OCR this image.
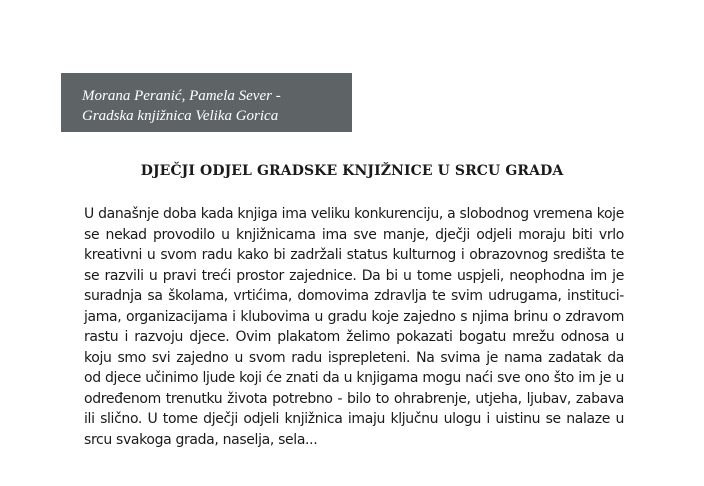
Morana Peranić, Pamela Sever -
Gradska knjižnica Velika Gorica
DJEČJI ODJEL GRADSKE KNJIŽNICE U SRCU GRADA
U današnje doba kada knjiga ima veliku konkurenciju, a slobodnog vremena koje
se nekad provodilo u knjižnicama ima sve manje, dječji odjeli moraju biti vrlo
kreativni u svom radu kako bi zadržali status kulturnog i obrazovnog središta te
se razvili u pravi treći prostor zajednice. Da bi u tome uspjeli, neophodna im je
suradnja sa školama, vrtićima, domovima zdravlja te svim udrugama, instituci-
jama, organizacijama i klubovima u gradu koje zajedno s njima brinu o zdravom
rastu i razvoju djece. Ovim plakatom želimo pokazati bogatu mrežu odnosa u
koju smo svi zajedno u svom radu isprepleteni. Na svima je nama zadatak da
od djece učinimo ljude koji će znati da u knjigama mogu naći sve ono što im je u
određenom trenutku života potrebno - bilo to ohrabrenje, utjeha, ljubav, zabava
ili slično. U tome dječji odjeli knjižnica imaju ključnu ulogu i uistinu se nalaze u
srcu svakoga grada, naselja, sela...
